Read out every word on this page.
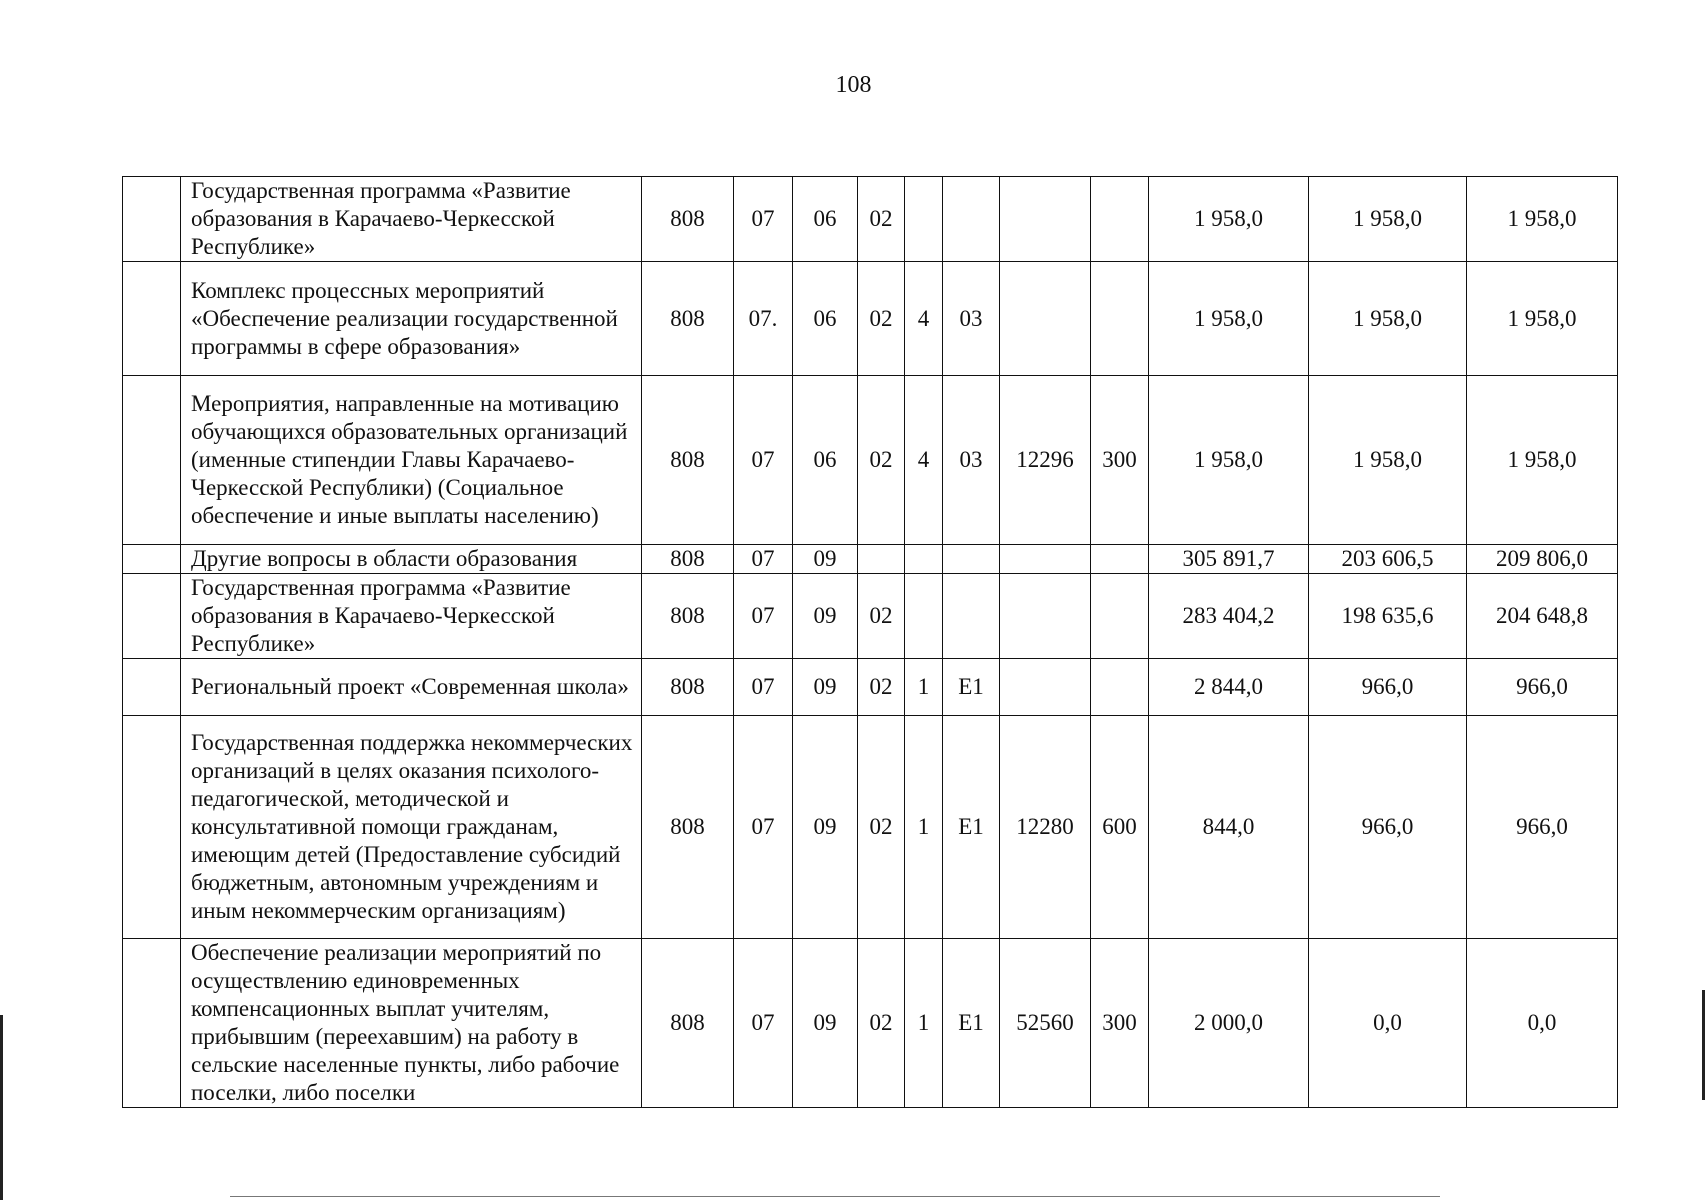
108
	Государственная программа «Развитие образования в Карачаево-Черкесской Республике»	808	07	06	02					1 958,0	1 958,0	1 958,0
	Комплекс процессных мероприятий «Обеспечение реализации государственной программы в сфере образования»	808	07.	06	02	4	03			1 958,0	1 958,0	1 958,0
	Мероприятия, направленные на мотивацию обучающихся образовательных организаций (именные стипендии Главы Карачаево-Черкесской Республики) (Социальное обеспечение и иные выплаты населению)	808	07	06	02	4	03	12296	300	1 958,0	1 958,0	1 958,0
	Другие вопросы в области образования	808	07	09						305 891,7	203 606,5	209 806,0
	Государственная программа «Развитие образования в Карачаево-Черкесской Республике»	808	07	09	02					283 404,2	198 635,6	204 648,8
	Региональный проект «Современная школа»	808	07	09	02	1	E1			2 844,0	966,0	966,0
	Государственная поддержка некоммерческих организаций в целях оказания психолого-педагогической, методической и консультативной помощи гражданам, имеющим детей (Предоставление субсидий бюджетным, автономным учреждениям и иным некоммерческим организациям)	808	07	09	02	1	E1	12280	600	844,0	966,0	966,0
	Обеспечение реализации мероприятий по осуществлению единовременных компенсационных выплат учителям, прибывшим (переехавшим) на работу в сельские населенные пункты, либо рабочие поселки, либо поселки	808	07	09	02	1	E1	52560	300	2 000,0	0,0	0,0
